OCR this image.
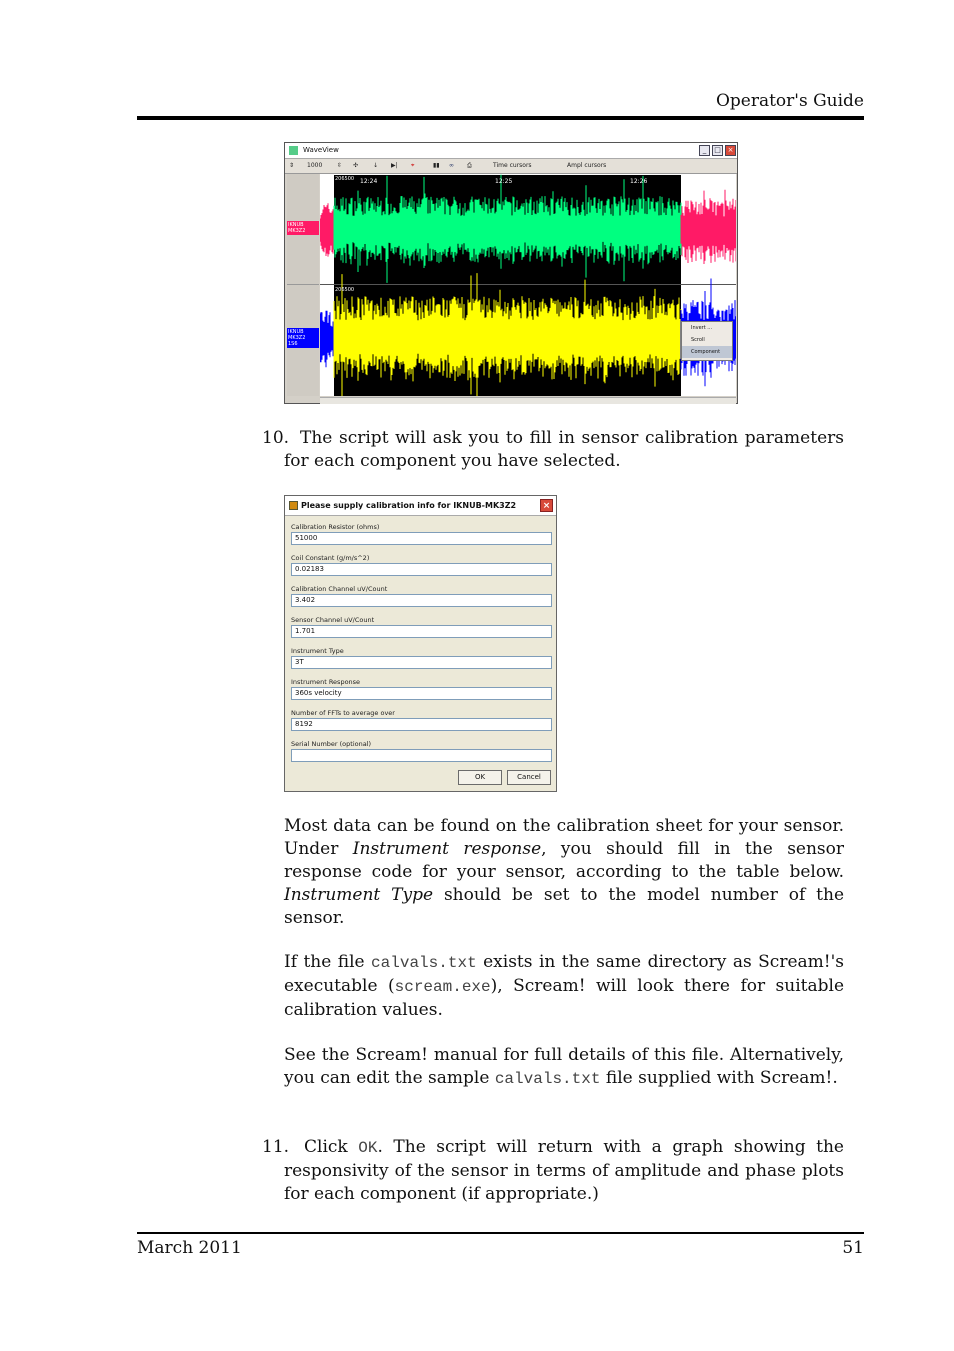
Operator's Guide
WaveView	_	□ ×
⇕ 1000 ⇳ ✣ ↓ ▶| ⌖	▮▮ ∞ ⎙	Time cursors	Ampl cursors
IKNUB
MK3Z2
IKNUB
MK3Z2
1S6
12:24	12:25	12:26
206500
206500
Invert ...
Scroll
Component
10. The script will ask you to fill in sensor calibration parameters for each component you have selected.
Please supply calibration info for IKNUB-MK3Z2	×
Calibration Resistor (ohms)
51000
Coil Constant (g/m/s^2)
0.02183
Calibration Channel uV/Count
3.402
Sensor Channel uV/Count
1.701
Instrument Type
3T
Instrument Response
360s velocity
Number of FFTs to average over
8192
Serial Number (optional)
OK	Cancel
Most data can be found on the calibration sheet for your sensor. Under Instrument response, you should fill in the sensor response code for your sensor, according to the table below. Instrument Type should be set to the model number of the sensor.
If the file calvals.txt exists in the same directory as Scream!'s executable (scream.exe), Scream! will look there for suitable calibration values.
See the Scream! manual for full details of this file. Alternatively, you can edit the sample calvals.txt file supplied with Scream!.
11. Click OK. The script will return with a graph showing the responsivity of the sensor in terms of amplitude and phase plots for each component (if appropriate.)
March 2011	51
